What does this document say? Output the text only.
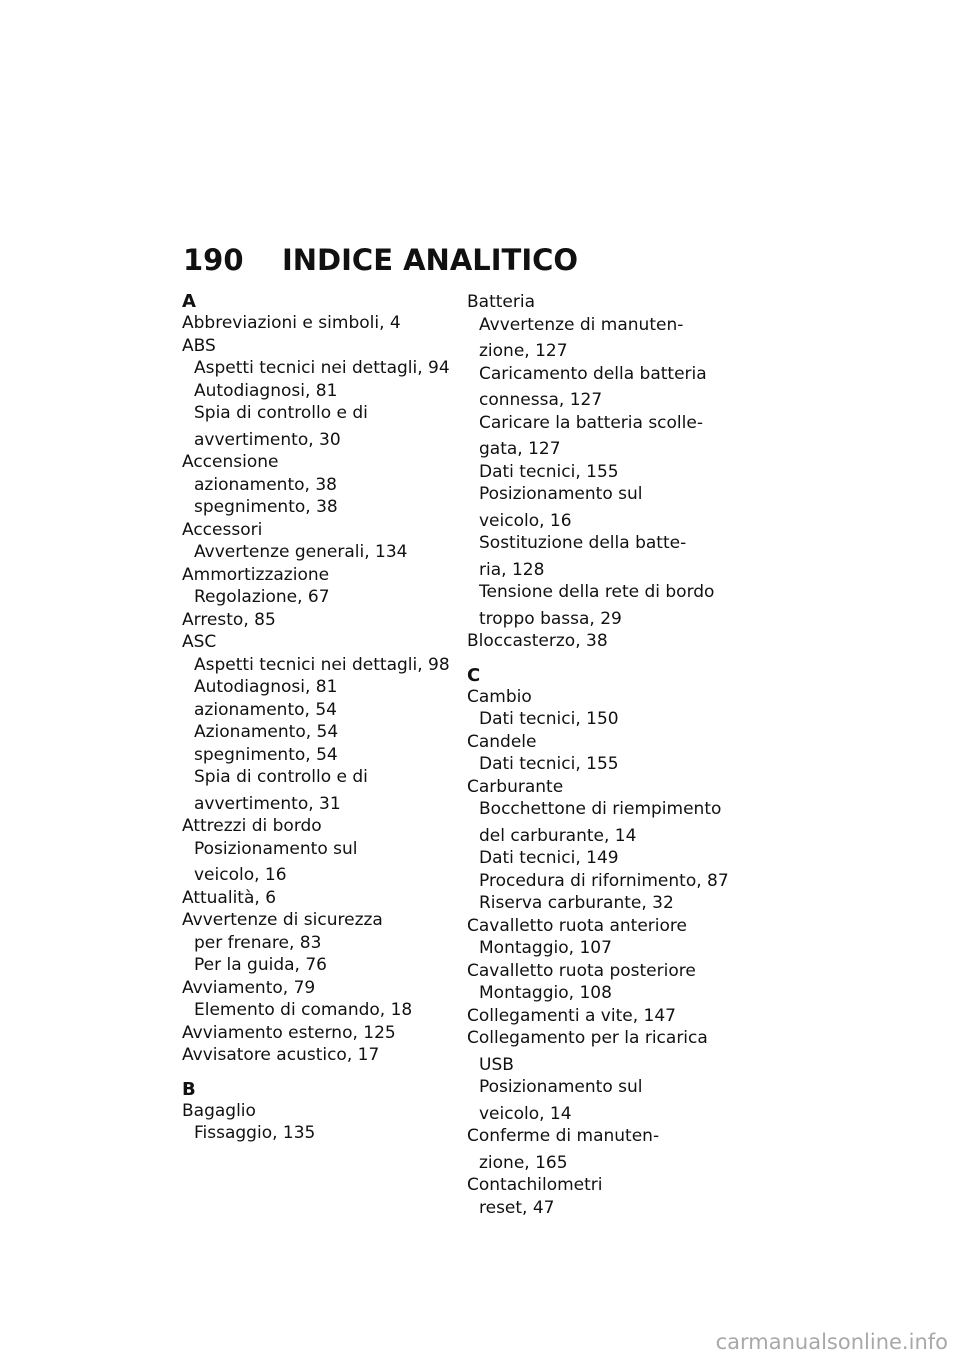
190 INDICE ANALITICO
A
Abbreviazioni e simboli, 4
ABS
Aspetti tecnici nei dettagli, 94
Autodiagnosi, 81
Spia di controllo e di
avvertimento, 30
Accensione
azionamento, 38
spegnimento, 38
Accessori
Avvertenze generali, 134
Ammortizzazione
Regolazione, 67
Arresto, 85
ASC
Aspetti tecnici nei dettagli, 98
Autodiagnosi, 81
azionamento, 54
Azionamento, 54
spegnimento, 54
Spia di controllo e di
avvertimento, 31
Attrezzi di bordo
Posizionamento sul
veicolo, 16
Attualità, 6
Avvertenze di sicurezza
per frenare, 83
Per la guida, 76
Avviamento, 79
Elemento di comando, 18
Avviamento esterno, 125
Avvisatore acustico, 17
B
Bagaglio
Fissaggio, 135
Batteria
Avvertenze di manuten-
zione, 127
Caricamento della batteria
connessa, 127
Caricare la batteria scolle-
gata, 127
Dati tecnici, 155
Posizionamento sul
veicolo, 16
Sostituzione della batte-
ria, 128
Tensione della rete di bordo
troppo bassa, 29
Bloccasterzo, 38
C
Cambio
Dati tecnici, 150
Candele
Dati tecnici, 155
Carburante
Bocchettone di riempimento
del carburante, 14
Dati tecnici, 149
Procedura di rifornimento, 87
Riserva carburante, 32
Cavalletto ruota anteriore
Montaggio, 107
Cavalletto ruota posteriore
Montaggio, 108
Collegamenti a vite, 147
Collegamento per la ricarica
USB
Posizionamento sul
veicolo, 14
Conferme di manuten-
zione, 165
Contachilometri
reset, 47
carmanualsonline.info
